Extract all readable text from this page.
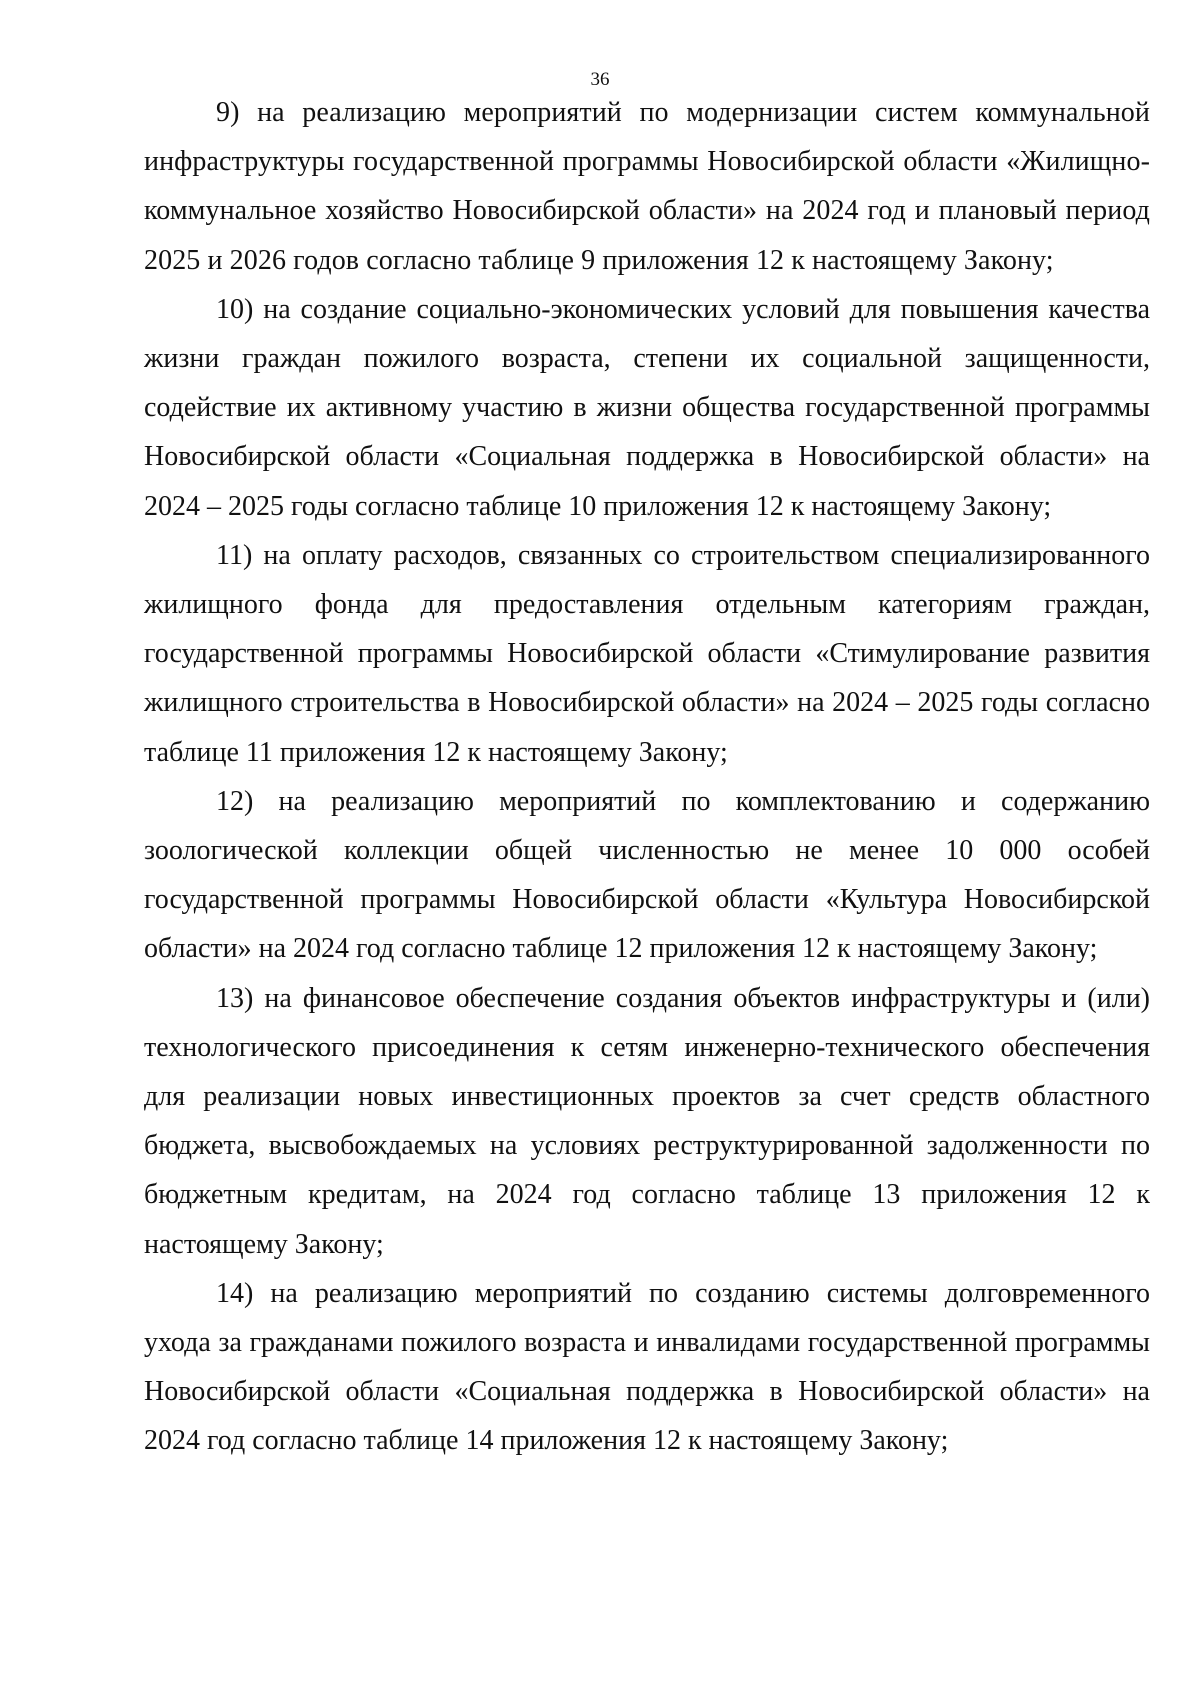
36

9) на реализацию мероприятий по модернизации систем коммунальной инфраструктуры государственной программы Новосибирской области «Жилищно-коммунальное хозяйство Новосибирской области» на 2024 год и плановый период 2025 и 2026 годов согласно таблице 9 приложения 12 к настоящему Закону;

10) на создание социально-экономических условий для повышения качества жизни граждан пожилого возраста, степени их социальной защищенности, содействие их активному участию в жизни общества государственной программы Новосибирской области «Социальная поддержка в Новосибирской области» на 2024 – 2025 годы согласно таблице 10 приложения 12 к настоящему Закону;

11) на оплату расходов, связанных со строительством специализированного жилищного фонда для предоставления отдельным категориям граждан, государственной программы Новосибирской области «Стимулирование развития жилищного строительства в Новосибирской области» на 2024 – 2025 годы согласно таблице 11 приложения 12 к настоящему Закону;

12) на реализацию мероприятий по комплектованию и содержанию зоологической коллекции общей численностью не менее 10 000 особей государственной программы Новосибирской области «Культура Новосибирской области» на 2024 год согласно таблице 12 приложения 12 к настоящему Закону;

13) на финансовое обеспечение создания объектов инфраструктуры и (или) технологического присоединения к сетям инженерно-технического обеспечения для реализации новых инвестиционных проектов за счет средств областного бюджета, высвобождаемых на условиях реструктурированной задолженности по бюджетным кредитам, на 2024 год согласно таблице 13 приложения 12 к настоящему Закону;

14) на реализацию мероприятий по созданию системы долговременного ухода за гражданами пожилого возраста и инвалидами государственной программы Новосибирской области «Социальная поддержка в Новосибирской области» на 2024 год согласно таблице 14 приложения 12 к настоящему Закону;
